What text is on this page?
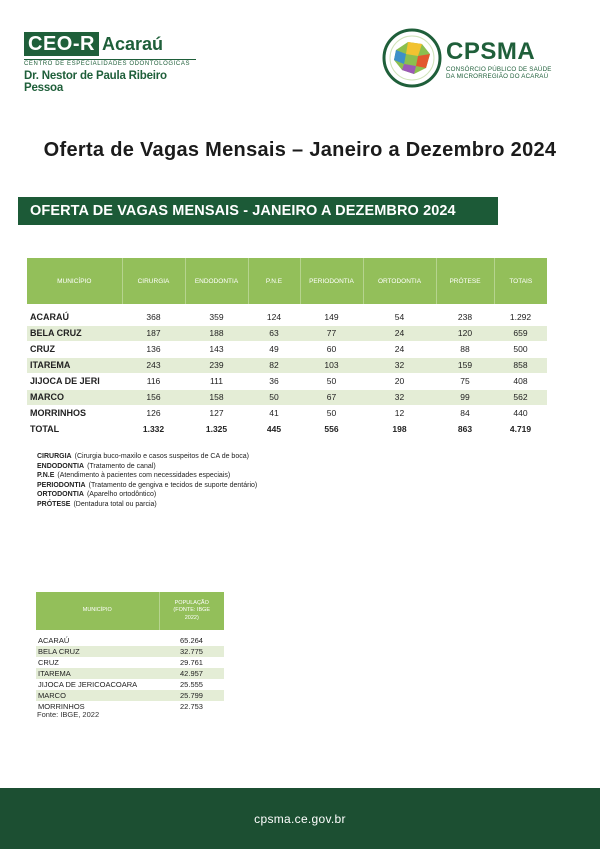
CEO-R Acaraú
CENTRO DE ESPECIALIDADES ODONTOLÓGICAS
Dr. Nestor de Paula Ribeiro Pessoa
CPSMA
CONSÓRCIO PÚBLICO DE SAÚDE
DA MICRORREGIÃO DO ACARAÚ
Oferta de Vagas Mensais – Janeiro a Dezembro 2024
OFERTA DE VAGAS MENSAIS - JANEIRO A DEZEMBRO 2024
MUNICÍPIO	CIRURGIA	ENDODONTIA	P.N.E	PERIODONTIA	ORTODONTIA	PRÓTESE	TOTAIS

ACARAÚ	368	359	124	149	54	238	1.292
BELA CRUZ	187	188	63	77	24	120	659
CRUZ	136	143	49	60	24	88	500
ITAREMA	243	239	82	103	32	159	858
JIJOCA DE JERI	116	111	36	50	20	75	408
MARCO	156	158	50	67	32	99	562
MORRINHOS	126	127	41	50	12	84	440
TOTAL	1.332	1.325	445	556	198	863	4.719
CIRURGIA (Cirurgia buco-maxilo e casos suspeitos de CA de boca)
ENDODONTIA (Tratamento de canal)
P.N.E (Atendimento à pacientes com necessidades especiais)
PERIODONTIA (Tratamento de gengiva e tecidos de suporte dentário)
ORTODONTIA (Aparelho ortodôntico)
PRÓTESE (Dentadura total ou parcia)
MUNICÍPIO	POPULAÇÃO
(FONTE: IBGE
2022)

ACARAÚ	65.264
BELA CRUZ	32.775
CRUZ	29.761
ITAREMA	42.957
JIJOCA DE JERICOACOARA	25.555
MARCO	25.799
MORRINHOS	22.753
Fonte: IBGE, 2022
cpsma.ce.gov.br
